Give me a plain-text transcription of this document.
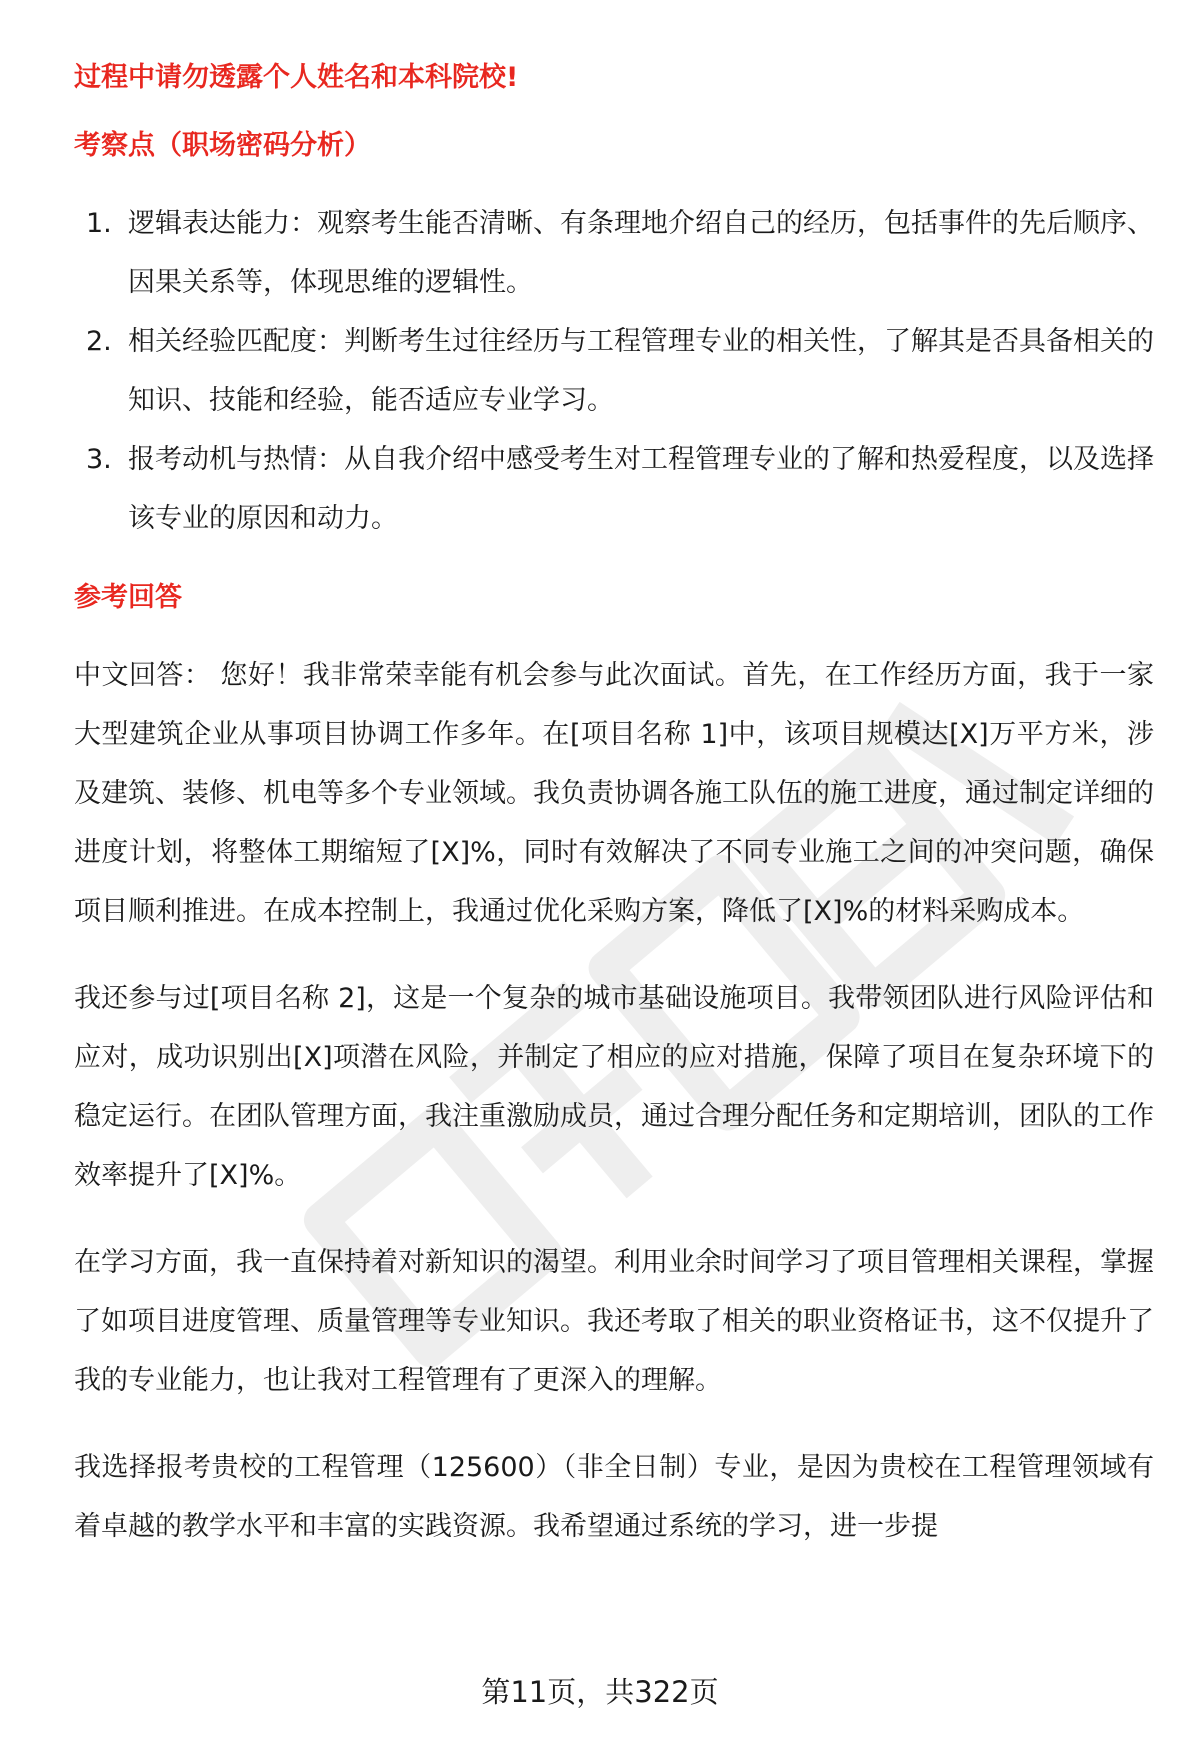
过程中请勿透露个人姓名和本科院校!
考察点（职场密码分析）
1. 逻辑表达能力：观察考生能否清晰、有条理地介绍自己的经历，包括事件的先后顺序、因果关系等，体现思维的逻辑性。
2. 相关经验匹配度：判断考生过往经历与工程管理专业的相关性，了解其是否具备相关的知识、技能和经验，能否适应专业学习。
3. 报考动机与热情：从自我介绍中感受考生对工程管理专业的了解和热爱程度，以及选择该专业的原因和动力。
参考回答

中文回答： 您好！我非常荣幸能有机会参与此次面试。首先，在工作经历方面，我于一家大型建筑企业从事项目协调工作多年。在[项目名称 1]中，该项目规模达[X]万平方米，涉及建筑、装修、机电等多个专业领域。我负责协调各施工队伍的施工进度，通过制定详细的进度计划，将整体工期缩短了[X]%，同时有效解决了不同专业施工之间的冲突问题，确保项目顺利推进。在成本控制上，我通过优化采购方案，降低了[X]%的材料采购成本。

我还参与过[项目名称 2]，这是一个复杂的城市基础设施项目。我带领团队进行风险评估和应对，成功识别出[X]项潜在风险，并制定了相应的应对措施，保障了项目在复杂环境下的稳定运行。在团队管理方面，我注重激励成员，通过合理分配任务和定期培训，团队的工作效率提升了[X]%。

在学习方面，我一直保持着对新知识的渴望。利用业余时间学习了项目管理相关课程，掌握了如项目进度管理、质量管理等专业知识。我还考取了相关的职业资格证书，这不仅提升了我的专业能力，也让我对工程管理有了更深入的理解。

我选择报考贵校的工程管理（125600）（非全日制）专业，是因为贵校在工程管理领域有着卓越的教学水平和丰富的实践资源。我希望通过系统的学习，进一步提

第11页，共322页
